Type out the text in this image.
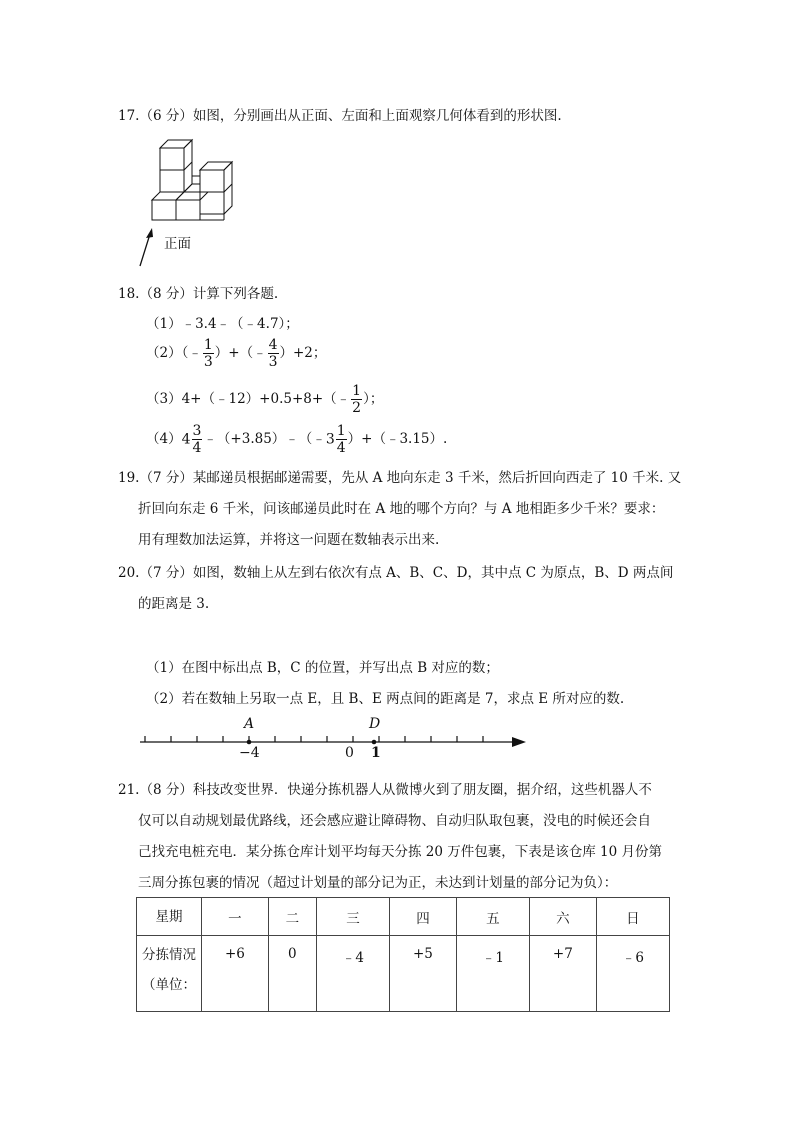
17.（6 分）如图，分别画出从正面、左面和上面观察几何体看到的形状图.
正面
18.（8 分）计算下列各题.
（1）﹣3.4﹣（﹣4.7）；
（2）（﹣ $\frac{1}{3}$ ）+（﹣ $\frac{4}{3} )+2$；
（3）4+（﹣12）+0.5+8+（﹣ $\frac{1}{2}$ ）；
$(4)4 \frac{3}{4}$ ﹣（+3.85）﹣（﹣3 $\frac{1}{4}$ ）+（﹣3.15）.
19.（7 分）某邮递员根据邮递需要，先从 A 地向东走 3 千米，然后折回向西走了 10 千米. 又
折回向东走 6 千米，问该邮递员此时在 A 地的哪个方向？与 A 地相距多少千米？要求：
用有理数加法运算，并将这一问题在数轴表示出来.
20.（7 分）如图，数轴上从左到右依次有点 A、B、C、D，其中点 C 为原点，B、D 两点间
的距离是 3.
（1）在图中标出点 B，C 的位置，并写出点 B 对应的数；
（2）若在数轴上另取一点 E，且 B、E 两点间的距离是 7，求点 E 所对应的数.
A
−4
D
0 1
21.（8 分）科技改变世界．快递分拣机器人从微博火到了朋友圈，据介绍，这些机器人不
仅可以自动规划最优路线，还会感应避让障碍物、自动归队取包裹，没电的时候还会自
己找充电桩充电．某分拣仓库计划平均每天分拣 20 万件包裹，下表是该仓库 10 月份第
三周分拣包裹的情况（超过计划量的部分记为正，未达到计划量的部分记为负）：
星期	一	二	三	四	五	六	日

分拣情况
（单位：	+6	0	﹣4	+5	﹣1	+7	﹣6
